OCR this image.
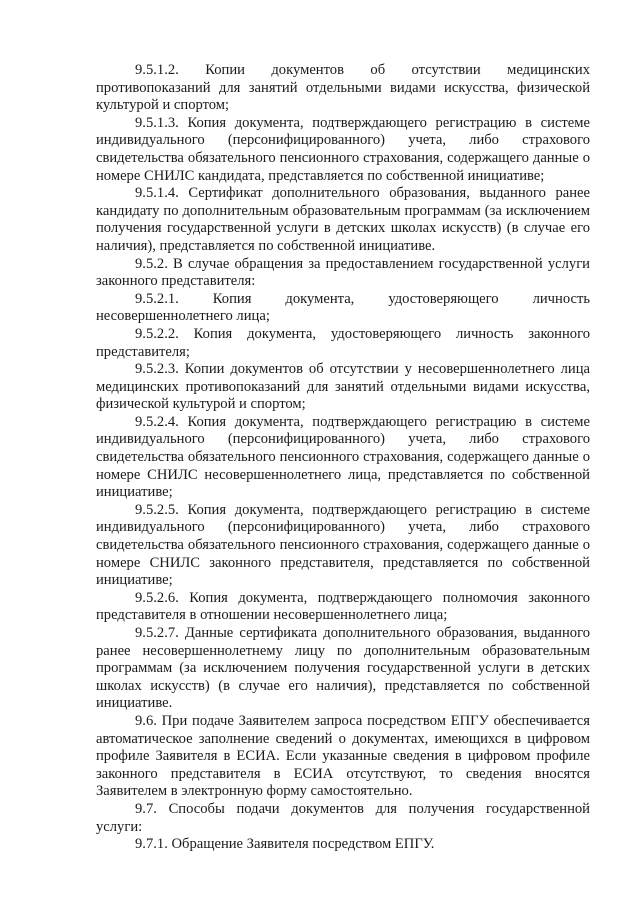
9.5.1.2. Копии документов об отсутствии медицинских противопоказаний для занятий отдельными видами искусства, физической культурой и спортом;

9.5.1.3. Копия документа, подтверждающего регистрацию в системе индивидуального (персонифицированного) учета, либо страхового свидетельства обязательного пенсионного страхования, содержащего данные о номере СНИЛС кандидата, представляется по собственной инициативе;

9.5.1.4. Сертификат дополнительного образования, выданного ранее кандидату по дополнительным образовательным программам (за исключением получения государственной услуги в детских школах искусств) (в случае его наличия), представляется по собственной инициативе.

9.5.2. В случае обращения за предоставлением государственной услуги законного представителя:

9.5.2.1. Копия документа, удостоверяющего личность несовершеннолетнего лица;

9.5.2.2. Копия документа, удостоверяющего личность законного представителя;

9.5.2.3. Копии документов об отсутствии у несовершеннолетнего лица медицинских противопоказаний для занятий отдельными видами искусства, физической культурой и спортом;

9.5.2.4. Копия документа, подтверждающего регистрацию в системе индивидуального (персонифицированного) учета, либо страхового свидетельства обязательного пенсионного страхования, содержащего данные о номере СНИЛС несовершеннолетнего лица, представляется по собственной инициативе;

9.5.2.5. Копия документа, подтверждающего регистрацию в системе индивидуального (персонифицированного) учета, либо страхового свидетельства обязательного пенсионного страхования, содержащего данные о номере СНИЛС законного представителя, представляется по собственной инициативе;

9.5.2.6. Копия документа, подтверждающего полномочия законного представителя в отношении несовершеннолетнего лица;

9.5.2.7. Данные сертификата дополнительного образования, выданного ранее несовершеннолетнему лицу по дополнительным образовательным программам (за исключением получения государственной услуги в детских школах искусств) (в случае его наличия), представляется по собственной инициативе.

9.6. При подаче Заявителем запроса посредством ЕПГУ обеспечивается автоматическое заполнение сведений о документах, имеющихся в цифровом профиле Заявителя в ЕСИА. Если указанные сведения в цифровом профиле законного представителя в ЕСИА отсутствуют, то сведения вносятся Заявителем в электронную форму самостоятельно.

9.7. Способы подачи документов для получения государственной услуги:

9.7.1. Обращение Заявителя посредством ЕПГУ.
